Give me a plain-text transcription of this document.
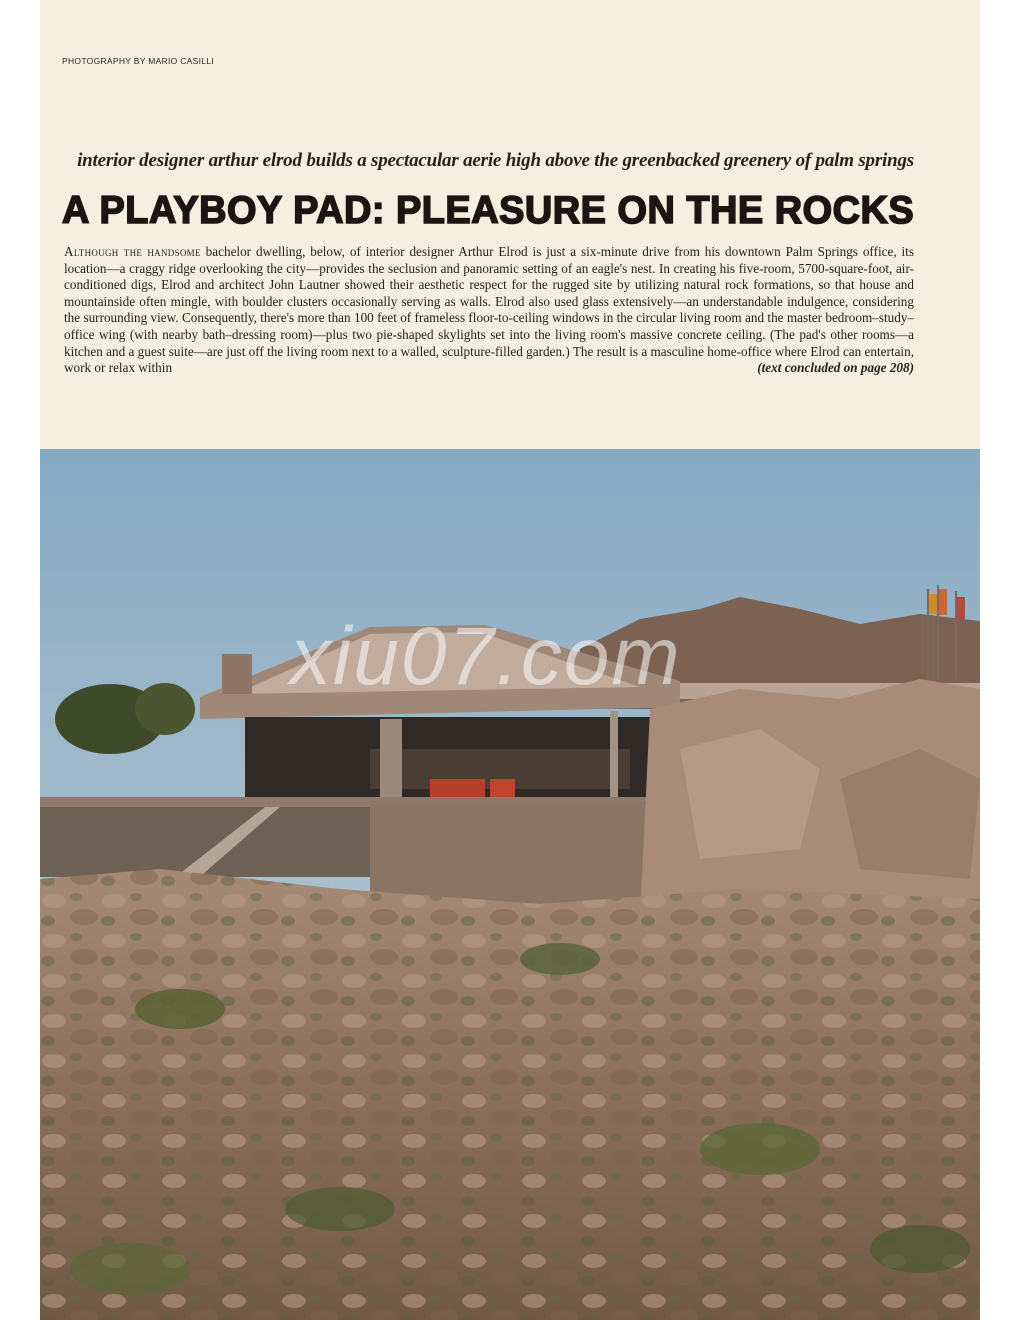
PHOTOGRAPHY BY MARIO CASILLI
interior designer arthur elrod builds a spectacular aerie high above the greenbacked greenery of palm springs
A PLAYBOY PAD: PLEASURE ON THE ROCKS

Although the handsome bachelor dwelling, below, of interior designer Arthur Elrod is just a six-minute drive from his downtown Palm Springs office, its location—a craggy ridge overlooking the city—provides the seclusion and panoramic setting of an eagle's nest. In creating his five-room, 5700-square-foot, air-conditioned digs, Elrod and architect John Lautner showed their aesthetic respect for the rugged site by utilizing natural rock formations, so that house and mountainside often mingle, with boulder clusters occasionally serving as walls. Elrod also used glass extensively—an understandable indulgence, considering the surrounding view. Consequently, there's more than 100 feet of frameless floor-to-ceiling windows in the circular living room and the master bedroom–study–office wing (with nearby bath–dressing room)—plus two pie-shaped skylights set into the living room's massive concrete ceiling. (The pad's other rooms—a kitchen and a guest suite—are just off the living room next to a walled, sculpture-filled garden.) The result is a masculine home-office where Elrod can entertain, work or relax within	(text concluded on page 208)

xiu07.com
